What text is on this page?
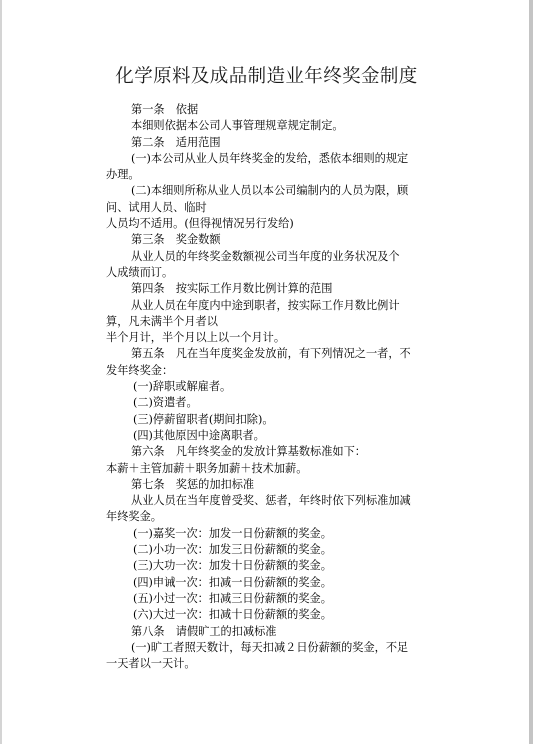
化学原料及成品制造业年终奖金制度
第一条　依据
本细则依据本公司人事管理规章规定制定。
第二条　适用范围
(一)本公司从业人员年终奖金的发给，悉依本细则的规定
办理。
(二)本细则所称从业人员以本公司编制内的人员为限，顾
问、试用人员、临时
人员均不适用。(但得视情况另行发给)
第三条　奖金数额
从业人员的年终奖金数额视公司当年度的业务状况及个
人成绩而订。
第四条　按实际工作月数比例计算的范围
从业人员在年度内中途到职者，按实际工作月数比例计
算，凡未满半个月者以
半个月计，半个月以上以一个月计。
第五条　凡在当年度奖金发放前，有下列情况之一者，不
发年终奖金：
(一)辞职或解雇者。
(二)资遣者。
(三)停薪留职者(期间扣除)。
(四)其他原因中途离职者。
第六条　凡年终奖金的发放计算基数标准如下：
本薪＋主管加薪＋职务加薪＋技术加薪。
第七条　奖惩的加扣标准
从业人员在当年度曾受奖、惩者，年终时依下列标准加减
年终奖金。
(一)嘉奖一次：加发一日份薪额的奖金。
(二)小功一次：加发三日份薪额的奖金。
(三)大功一次：加发十日份薪额的奖金。
(四)申诫一次：扣减一日份薪额的奖金。
(五)小过一次：扣减三日份薪额的奖金。
(六)大过一次：扣减十日份薪额的奖金。
第八条　请假旷工的扣减标准
(一)旷工者照天数计，每天扣减２日份薪额的奖金，不足
一天者以一天计。
